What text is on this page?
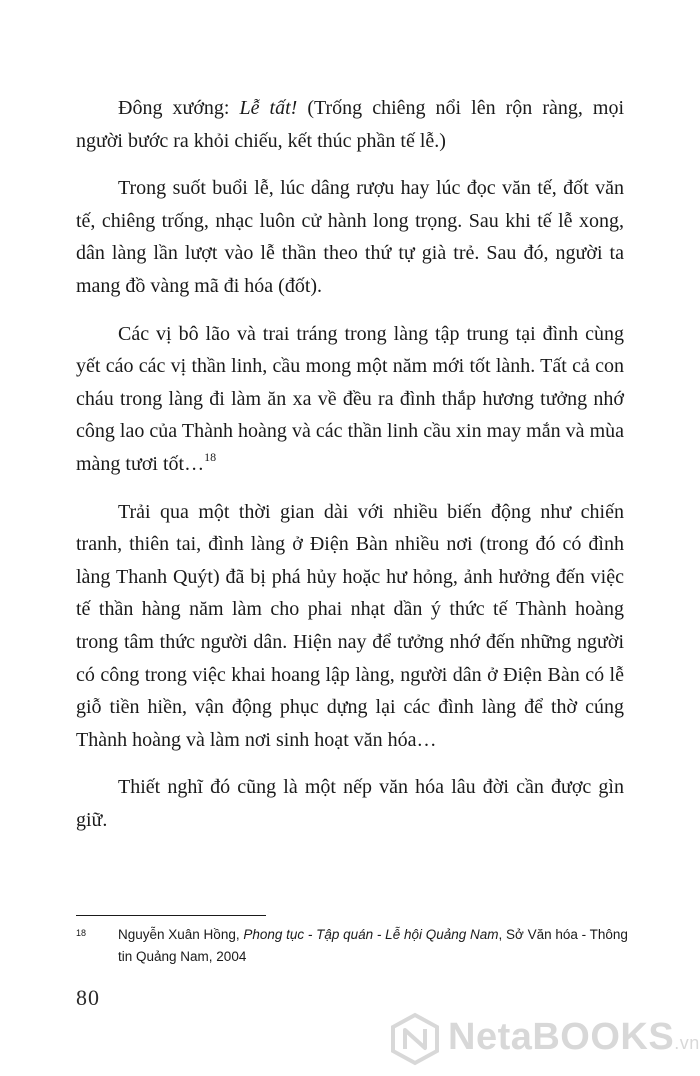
Đông xướng: Lễ tất! (Trống chiêng nổi lên rộn ràng, mọi người bước ra khỏi chiếu, kết thúc phần tế lễ.)

Trong suốt buổi lễ, lúc dâng rượu hay lúc đọc văn tế, đốt văn tế, chiêng trống, nhạc luôn cử hành long trọng. Sau khi tế lễ xong, dân làng lần lượt vào lễ thần theo thứ tự già trẻ. Sau đó, người ta mang đồ vàng mã đi hóa (đốt).

Các vị bô lão và trai tráng trong làng tập trung tại đình cùng yết cáo các vị thần linh, cầu mong một năm mới tốt lành. Tất cả con cháu trong làng đi làm ăn xa về đều ra đình thắp hương tưởng nhớ công lao của Thành hoàng và các thần linh cầu xin may mắn và mùa màng tươi tốt…$^{18}$

Trải qua một thời gian dài với nhiều biến động như chiến tranh, thiên tai, đình làng ở Điện Bàn nhiều nơi (trong đó có đình làng Thanh Quýt) đã bị phá hủy hoặc hư hỏng, ảnh hưởng đến việc tế thần hàng năm làm cho phai nhạt dần ý thức tế Thành hoàng trong tâm thức người dân. Hiện nay để tưởng nhớ đến những người có công trong việc khai hoang lập làng, người dân ở Điện Bàn có lễ giỗ tiền hiền, vận động phục dựng lại các đình làng để thờ cúng Thành hoàng và làm nơi sinh hoạt văn hóa…

Thiết nghĩ đó cũng là một nếp văn hóa lâu đời cần được gìn giữ.

18 Nguyễn Xuân Hồng, Phong tục - Tập quán - Lễ hội Quảng Nam, Sở Văn hóa - Thông tin Quảng Nam, 2004
80
NetaBOOKS.vn
